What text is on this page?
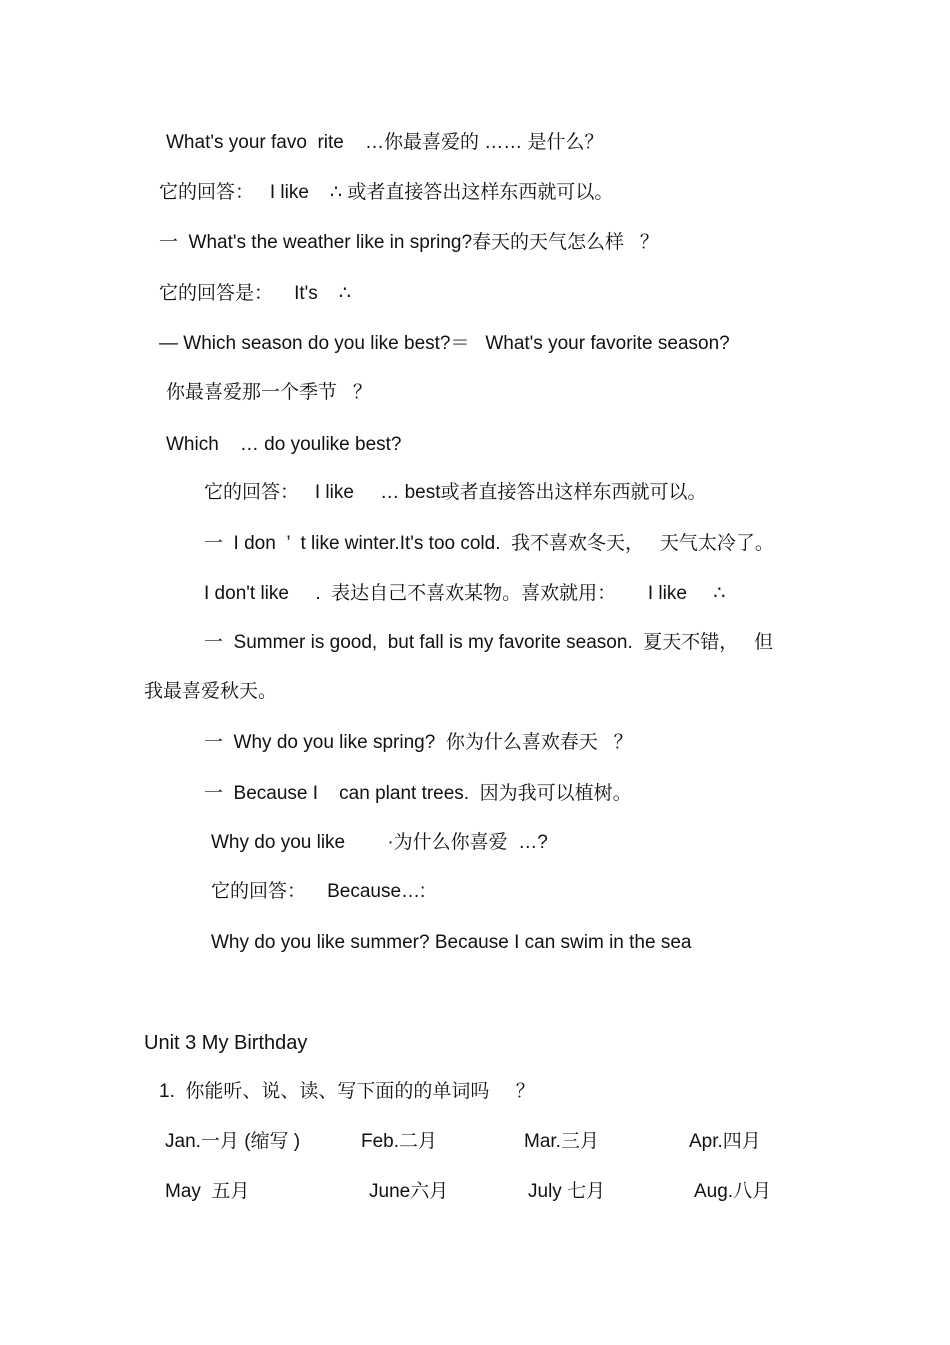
What's your favo  rite    …你最喜爱的 …… 是什么？
它的回答：   I like    ∴ 或者直接答出这样东西就可以。
一  What's the weather like in spring?春天的天气怎么样   ？
它的回答是：    It's    ∴
— Which season do you like best?＝   What's your favorite season?
你最喜爱那一个季节   ？
Which    … do youlike best?
它的回答：   I like     … best或者直接答出这样东西就可以。
一  I don  ’  t like winter.It's too cold.  我不喜欢冬天，   天气太冷了。
I don't like     .  表达自己不喜欢某物。喜欢就用：      I like     ∴
一  Summer is good,  but fall is my favorite season.  夏天不错，   但
我最喜爱秋天。
一  Why do you like spring?  你为什么喜欢春天   ？
一  Because I    can plant trees.  因为我可以植树。
Why do you like        ·为什么你喜爱  …?
它的回答：    Because…:
Why do you like summer? Because I can swim in the sea
Unit 3 My Birthday
1.  你能听、说、读、写下面的的单词吗     ？
Jan.一月 (缩写 )	Feb.二月	Mar.三月	Apr.四月
May  五月	June六月	July 七月	Aug.八月
